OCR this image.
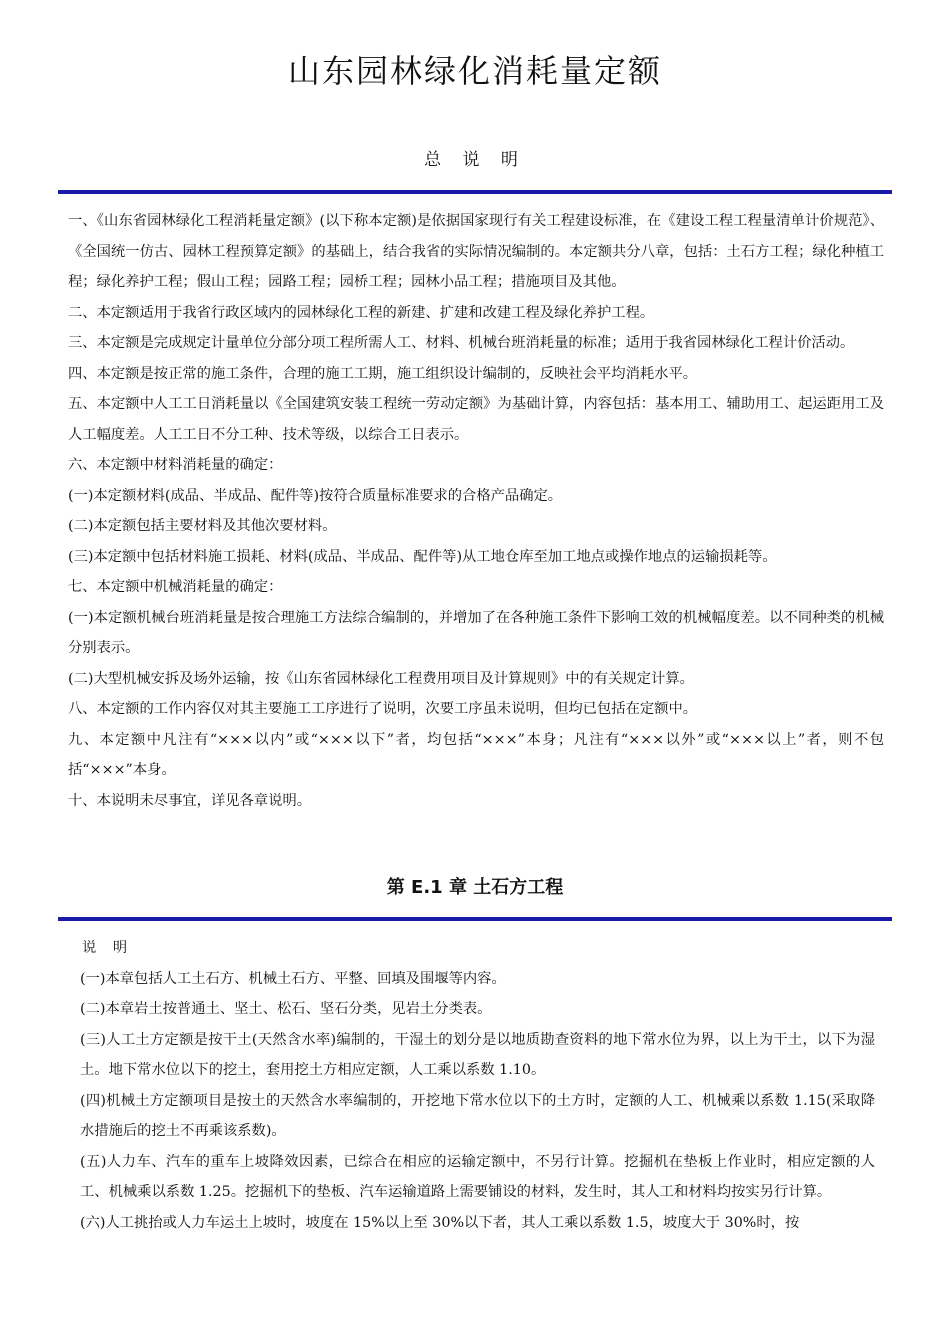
山东园林绿化消耗量定额
总 说 明

一、《山东省园林绿化工程消耗量定额》(以下称本定额)是依据国家现行有关工程建设标准，在《建设工程工程量清单计价规范》、《全国统一仿古、园林工程预算定额》的基础上，结合我省的实际情况编制的。本定额共分八章，包括：土石方工程；绿化种植工程；绿化养护工程；假山工程；园路工程；园桥工程；园林小品工程；措施项目及其他。

二、本定额适用于我省行政区域内的园林绿化工程的新建、扩建和改建工程及绿化养护工程。

三、本定额是完成规定计量单位分部分项工程所需人工、材料、机械台班消耗量的标准；适用于我省园林绿化工程计价活动。

四、本定额是按正常的施工条件，合理的施工工期，施工组织设计编制的，反映社会平均消耗水平。

五、本定额中人工工日消耗量以《全国建筑安装工程统一劳动定额》为基础计算，内容包括：基本用工、辅助用工、起运距用工及人工幅度差。人工工日不分工种、技术等级，以综合工日表示。

六、本定额中材料消耗量的确定：

(一)本定额材料(成品、半成品、配件等)按符合质量标准要求的合格产品确定。

(二)本定额包括主要材料及其他次要材料。

(三)本定额中包括材料施工损耗、材料(成品、半成品、配件等)从工地仓库至加工地点或操作地点的运输损耗等。

七、本定额中机械消耗量的确定：

(一)本定额机械台班消耗量是按合理施工方法综合编制的，并增加了在各种施工条件下影响工效的机械幅度差。以不同种类的机械分别表示。

(二)大型机械安拆及场外运输，按《山东省园林绿化工程费用项目及计算规则》中的有关规定计算。

八、本定额的工作内容仅对其主要施工工序进行了说明，次要工序虽未说明，但均已包括在定额中。

九、本定额中凡注有“×××以内”或“×××以下”者，均包括“×××”本身；凡注有“×××以外”或“×××以上”者，则不包括“×××”本身。

十、本说明未尽事宜，详见各章说明。

第 E.1 章 土石方工程

说 明

(一)本章包括人工土石方、机械土石方、平整、回填及围堰等内容。

(二)本章岩土按普通土、坚土、松石、坚石分类，见岩土分类表。

(三)人工土方定额是按干土(天然含水率)编制的，干湿土的划分是以地质勘查资料的地下常水位为界，以上为干土，以下为湿土。地下常水位以下的挖土，套用挖土方相应定额，人工乘以系数 1.10。

(四)机械土方定额项目是按土的天然含水率编制的，开挖地下常水位以下的土方时，定额的人工、机械乘以系数 1.15(采取降水措施后的挖土不再乘该系数)。

(五)人力车、汽车的重车上坡降效因素，已综合在相应的运输定额中，不另行计算。挖掘机在垫板上作业时，相应定额的人工、机械乘以系数 1.25。挖掘机下的垫板、汽车运输道路上需要铺设的材料，发生时，其人工和材料均按实另行计算。

(六)人工挑抬或人力车运土上坡时，坡度在 15%以上至 30%以下者，其人工乘以系数 1.5，坡度大于 30%时，按
